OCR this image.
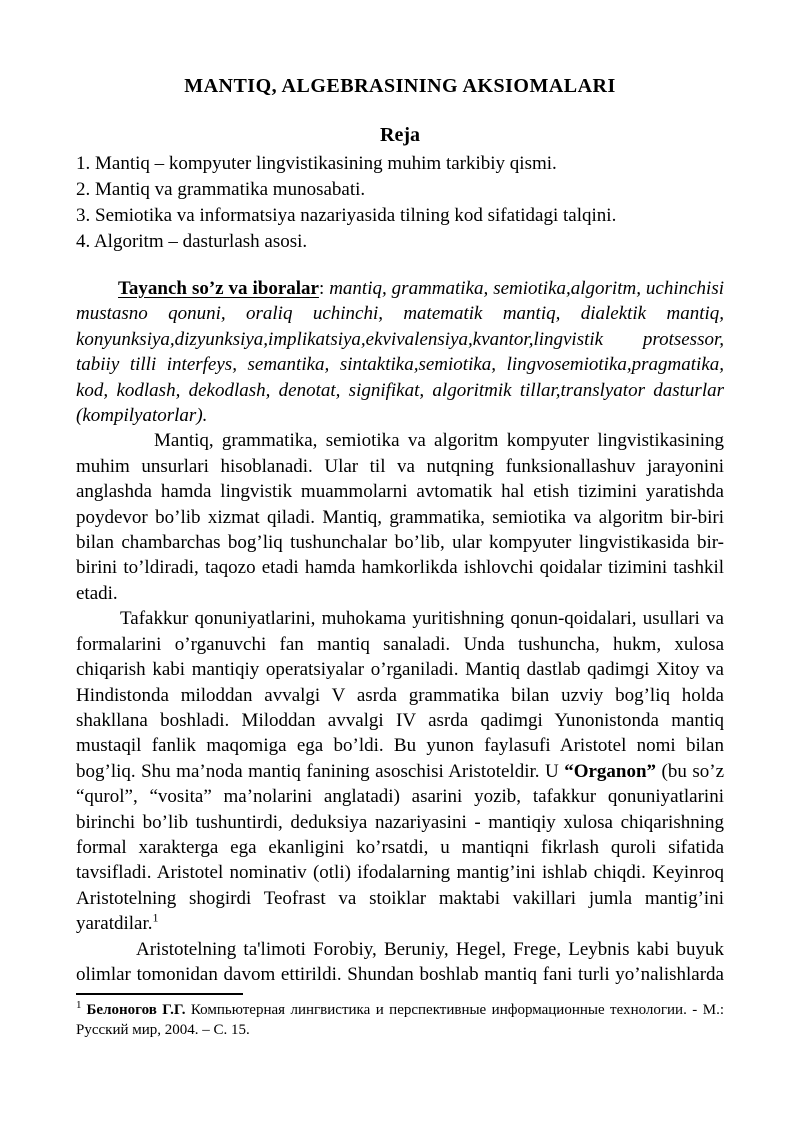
MANTIQ, ALGEBRASINING AKSIOMALARI
Reja
1. Mantiq – kompyuter lingvistikasining muhim tarkibiy qismi.
2. Mantiq va grammatika munosabati.
3. Semiotika va informatsiya nazariyasida tilning kod sifatidagi talqini.
4. Algoritm – dasturlash asosi.

Tayanch so’z va iboralar: mantiq, grammatika, semiotika,algoritm, uchinchisi mustasno qonuni, oraliq uchinchi, matematik mantiq, dialektik mantiq, konyunksiya,dizyunksiya,implikatsiya,ekvivalensiya,kvantor,lingvistik protsessor, tabiiy tilli interfeys, semantika, sintaktika,semiotika, lingvosemiotika,pragmatika, kod, kodlash, dekodlash, denotat, signifikat, algoritmik tillar,translyator dasturlar (kompilyatorlar).

Mantiq, grammatika, semiotika va algoritm kompyuter lingvistikasining muhim unsurlari hisoblanadi. Ular til va nutqning funksionallashuv jarayonini anglashda hamda lingvistik muammolarni avtomatik hal etish tizimini yaratishda poydevor bo’lib xizmat qiladi. Mantiq, grammatika, semiotika va algoritm bir-biri bilan chambarchas bog’liq tushunchalar bo’lib, ular kompyuter lingvistikasida bir-birini to’ldiradi, taqozo etadi hamda hamkorlikda ishlovchi qoidalar tizimini tashkil etadi.

Tafakkur qonuniyatlarini, muhokama yuritishning qonun-qoidalari, usullari va formalarini o’rganuvchi fan mantiq sanaladi. Unda tushuncha, hukm, xulosa chiqarish kabi mantiqiy operatsiyalar o’rganiladi. Mantiq dastlab qadimgi Xitoy va Hindistonda miloddan avvalgi V asrda grammatika bilan uzviy bog’liq holda shakllana boshladi. Miloddan avvalgi IV asrda qadimgi Yunonistonda mantiq mustaqil fanlik maqomiga ega bo’ldi. Bu yunon faylasufi Aristotel nomi bilan bog’liq. Shu ma’noda mantiq fanining asoschisi Aristoteldir. U “Organon” (bu so’z “qurol”, “vosita” ma’nolarini anglatadi) asarini yozib, tafakkur qonuniyatlarini birinchi bo’lib tushuntirdi, deduksiya nazariyasini - mantiqiy xulosa chiqarishning formal xarakterga ega ekanligini ko’rsatdi, u mantiqni fikrlash quroli sifatida tavsifladi. Aristotel nominativ (otli) ifodalarning mantig’ini ishlab chiqdi. Keyinroq Aristotelning shogirdi Teofrast va stoiklar maktabi vakillari jumla mantig’ini yaratdilar.$^1$

Aristotelning ta'limoti Forobiy, Beruniy, Hegel, Frege, Leybnis kabi buyuk olimlar tomonidan davom ettirildi. Shundan boshlab mantiq fani turli yo’nalishlarda

$^1$ Белоногов Г.Г. Компьютерная лингвистика и перспективные информационные технологии. - М.: Русский мир, 2004. – С. 15.
